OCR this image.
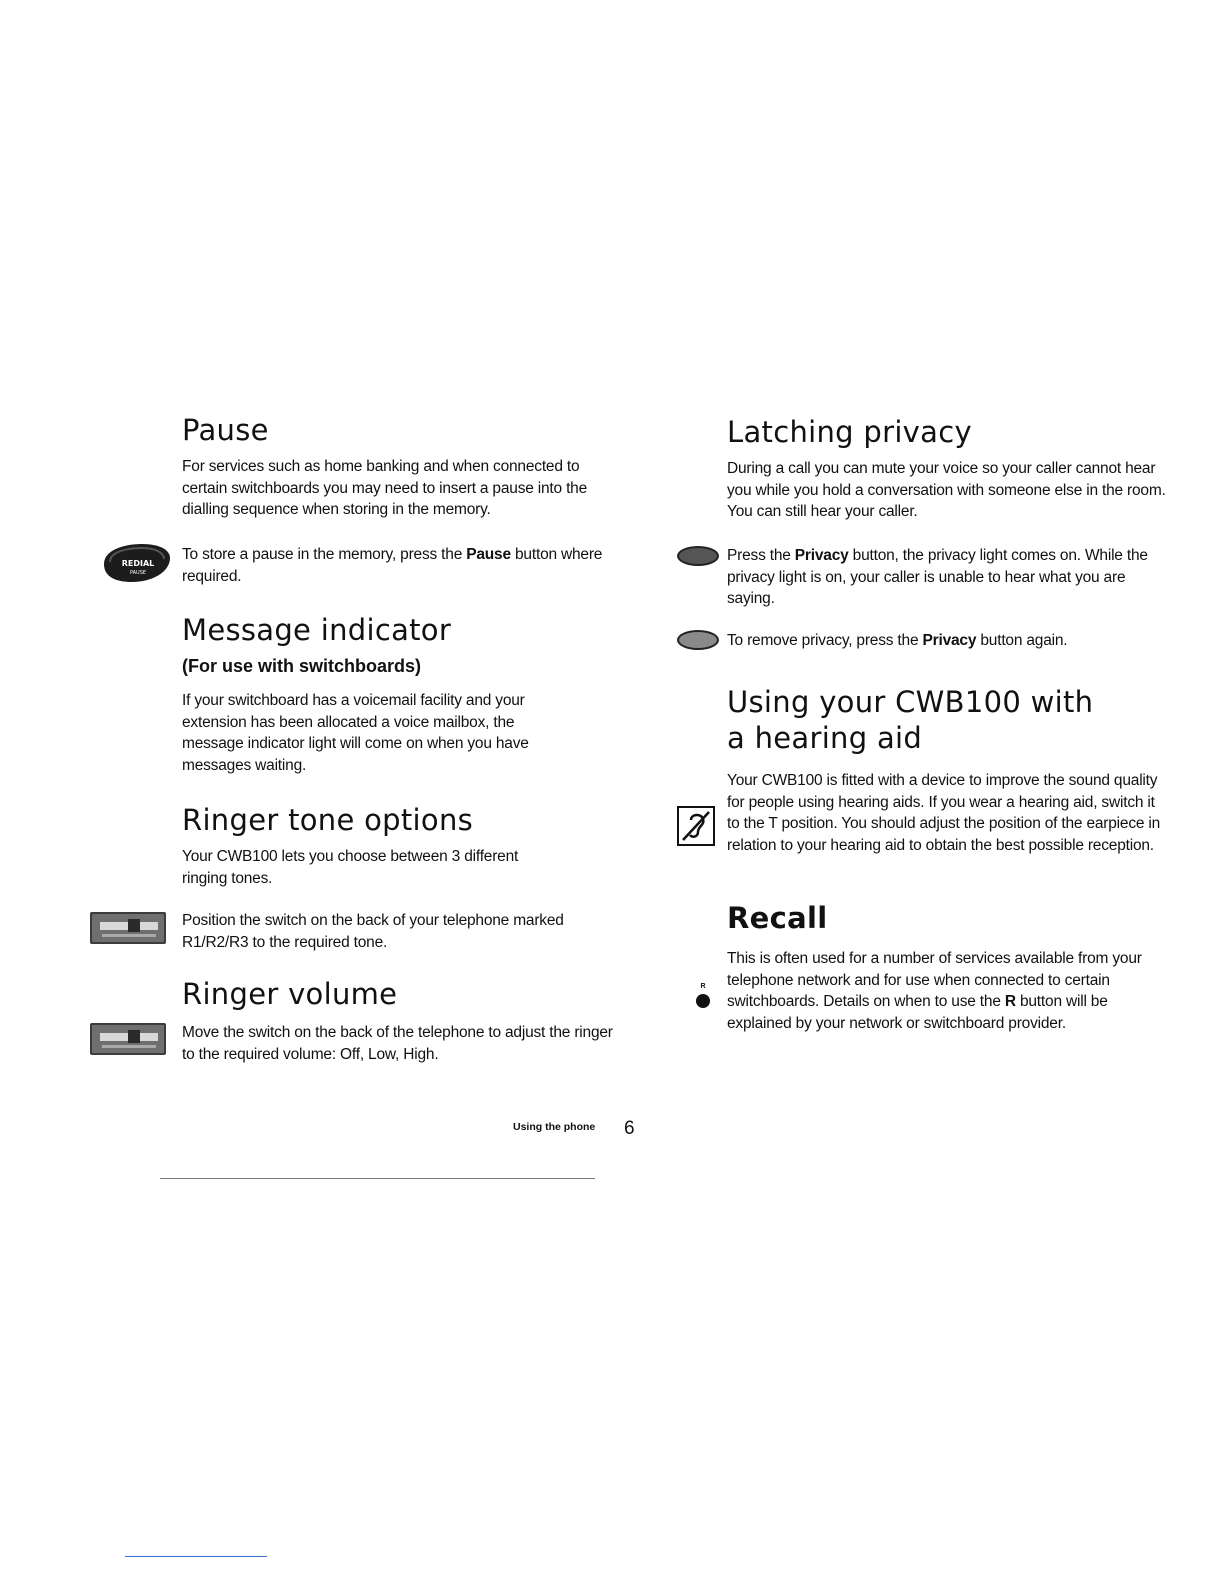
Pause

For services such as home banking and when connected to certain switchboards you may need to insert a pause into the dialling sequence when storing in the memory.

REDIAL
PAUSE

To store a pause in the memory, press the Pause button where required.

Message indicator
(For use with switchboards)

If your switchboard has a voicemail facility and your extension has been allocated a voice mailbox, the message indicator light will come on when you have messages waiting.

Ringer tone options

Your CWB100 lets you choose between 3 different ringing tones.

Position the switch on the back of your telephone marked R1/R2/R3 to the required tone.

Ringer volume

Move the switch on the back of the telephone to adjust the ringer to the required volume: Off, Low, High.

Latching privacy

During a call you can mute your voice so your caller cannot hear you while you hold a conversation with someone else in the room. You can still hear your caller.

Press the Privacy button, the privacy light comes on. While the privacy light is on, your caller is unable to hear what you are saying.

To remove privacy, press the Privacy button again.

Using your CWB100 with a hearing aid

Your CWB100 is fitted with a device to improve the sound quality for people using hearing aids. If you wear a hearing aid, switch it to the T position. You should adjust the position of the earpiece in relation to your hearing aid to obtain the best possible reception.

Recall

This is often used for a number of services available from your telephone network and for use when connected to certain switchboards. Details on when to use the R button will be explained by your network or switchboard provider.

R
Using the phone 6
